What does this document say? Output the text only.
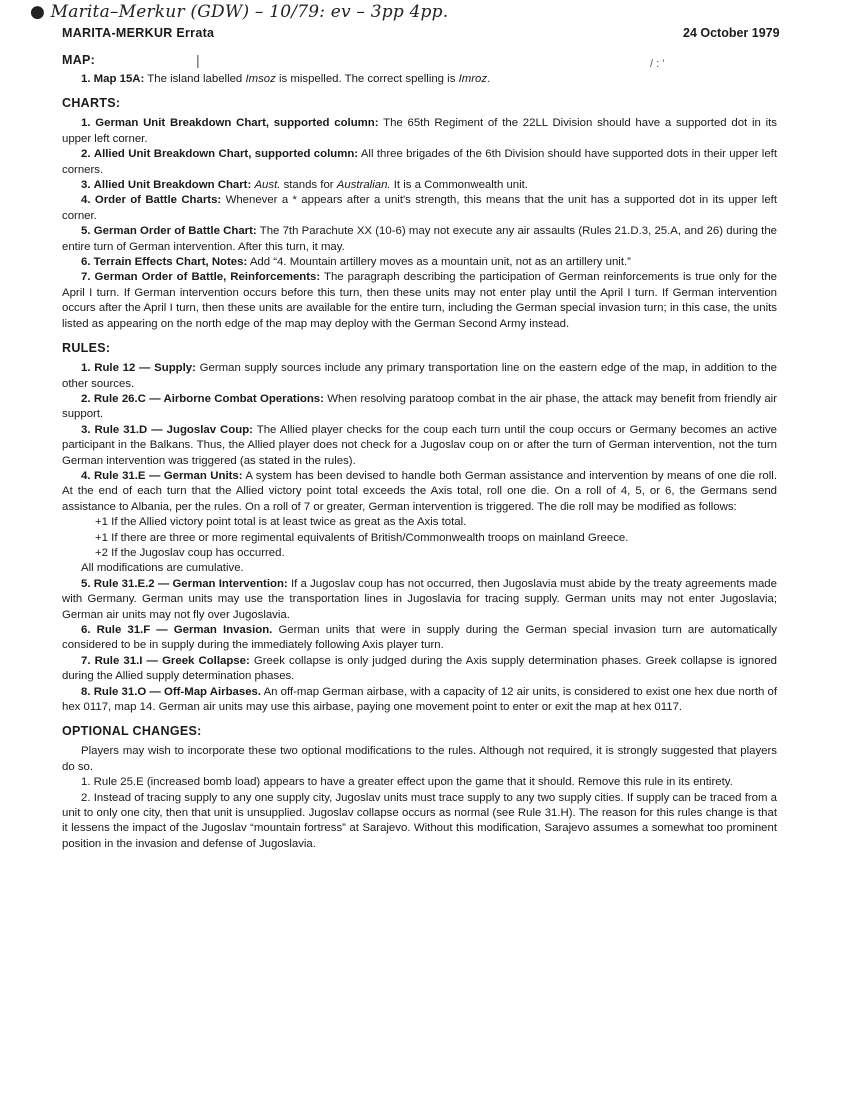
● Marita–Merkur (GDW) – 10/79: ev – 3pp 4pp.
MARITA-MERKUR Errata	24 October 1979
|	/ : '
MAP:

1. Map 15A: The island labelled Imsoz is mispelled. The correct spelling is Imroz.

CHARTS:

1. German Unit Breakdown Chart, supported column: The 65th Regiment of the 22LL Division should have a supported dot in its upper left corner.

2. Allied Unit Breakdown Chart, supported column: All three brigades of the 6th Division should have supported dots in their upper left corners.

3. Allied Unit Breakdown Chart: Aust. stands for Australian. It is a Commonwealth unit.

4. Order of Battle Charts: Whenever a * appears after a unit's strength, this means that the unit has a supported dot in its upper left corner.

5. German Order of Battle Chart: The 7th Parachute XX (10-6) may not execute any air assaults (Rules 21.D.3, 25.A, and 26) during the entire turn of German intervention. After this turn, it may.

6. Terrain Effects Chart, Notes: Add “4. Mountain artillery moves as a mountain unit, not as an artillery unit.”

7. German Order of Battle, Reinforcements: The paragraph describing the participation of German reinforcements is true only for the April I turn. If German intervention occurs before this turn, then these units may not enter play until the April I turn. If German intervention occurs after the April I turn, then these units are available for the entire turn, including the German special invasion turn; in this case, the units listed as appearing on the north edge of the map may deploy with the German Second Army instead.

RULES:

1. Rule 12 — Supply: German supply sources include any primary transportation line on the eastern edge of the map, in addition to the other sources.

2. Rule 26.C — Airborne Combat Operations: When resolving paratoop combat in the air phase, the attack may benefit from friendly air support.

3. Rule 31.D — Jugoslav Coup: The Allied player checks for the coup each turn until the coup occurs or Germany becomes an active participant in the Balkans. Thus, the Allied player does not check for a Jugoslav coup on or after the turn of German intervention, not the turn German intervention was triggered (as stated in the rules).

4. Rule 31.E — German Units: A system has been devised to handle both German assistance and intervention by means of one die roll. At the end of each turn that the Allied victory point total exceeds the Axis total, roll one die. On a roll of 4, 5, or 6, the Germans send assistance to Albania, per the rules. On a roll of 7 or greater, German intervention is triggered. The die roll may be modified as follows:

+1 If the Allied victory point total is at least twice as great as the Axis total.

+1 If there are three or more regimental equivalents of British/Commonwealth troops on mainland Greece.

+2 If the Jugoslav coup has occurred.

All modifications are cumulative.

5. Rule 31.E.2 — German Intervention: If a Jugoslav coup has not occurred, then Jugoslavia must abide by the treaty agreements made with Germany. German units may use the transportation lines in Jugoslavia for tracing supply. German units may not enter Jugoslavia; German air units may not fly over Jugoslavia.

6. Rule 31.F — German Invasion. German units that were in supply during the German special invasion turn are automatically considered to be in supply during the immediately following Axis player turn.

7. Rule 31.I — Greek Collapse: Greek collapse is only judged during the Axis supply determination phases. Greek collapse is ignored during the Allied supply determination phases.

8. Rule 31.O — Off-Map Airbases. An off-map German airbase, with a capacity of 12 air units, is considered to exist one hex due north of hex 0117, map 14. German air units may use this airbase, paying one movement point to enter or exit the map at hex 0117.

OPTIONAL CHANGES:

Players may wish to incorporate these two optional modifications to the rules. Although not required, it is strongly suggested that players do so.

1. Rule 25.E (increased bomb load) appears to have a greater effect upon the game that it should. Remove this rule in its entirety.

2. Instead of tracing supply to any one supply city, Jugoslav units must trace supply to any two supply cities. If supply can be traced from a unit to only one city, then that unit is unsupplied. Jugoslav collapse occurs as normal (see Rule 31.H). The reason for this rules change is that it lessens the impact of the Jugoslav “mountain fortress” at Sarajevo. Without this modification, Sarajevo assumes a somewhat too prominent position in the invasion and defense of Jugoslavia.
